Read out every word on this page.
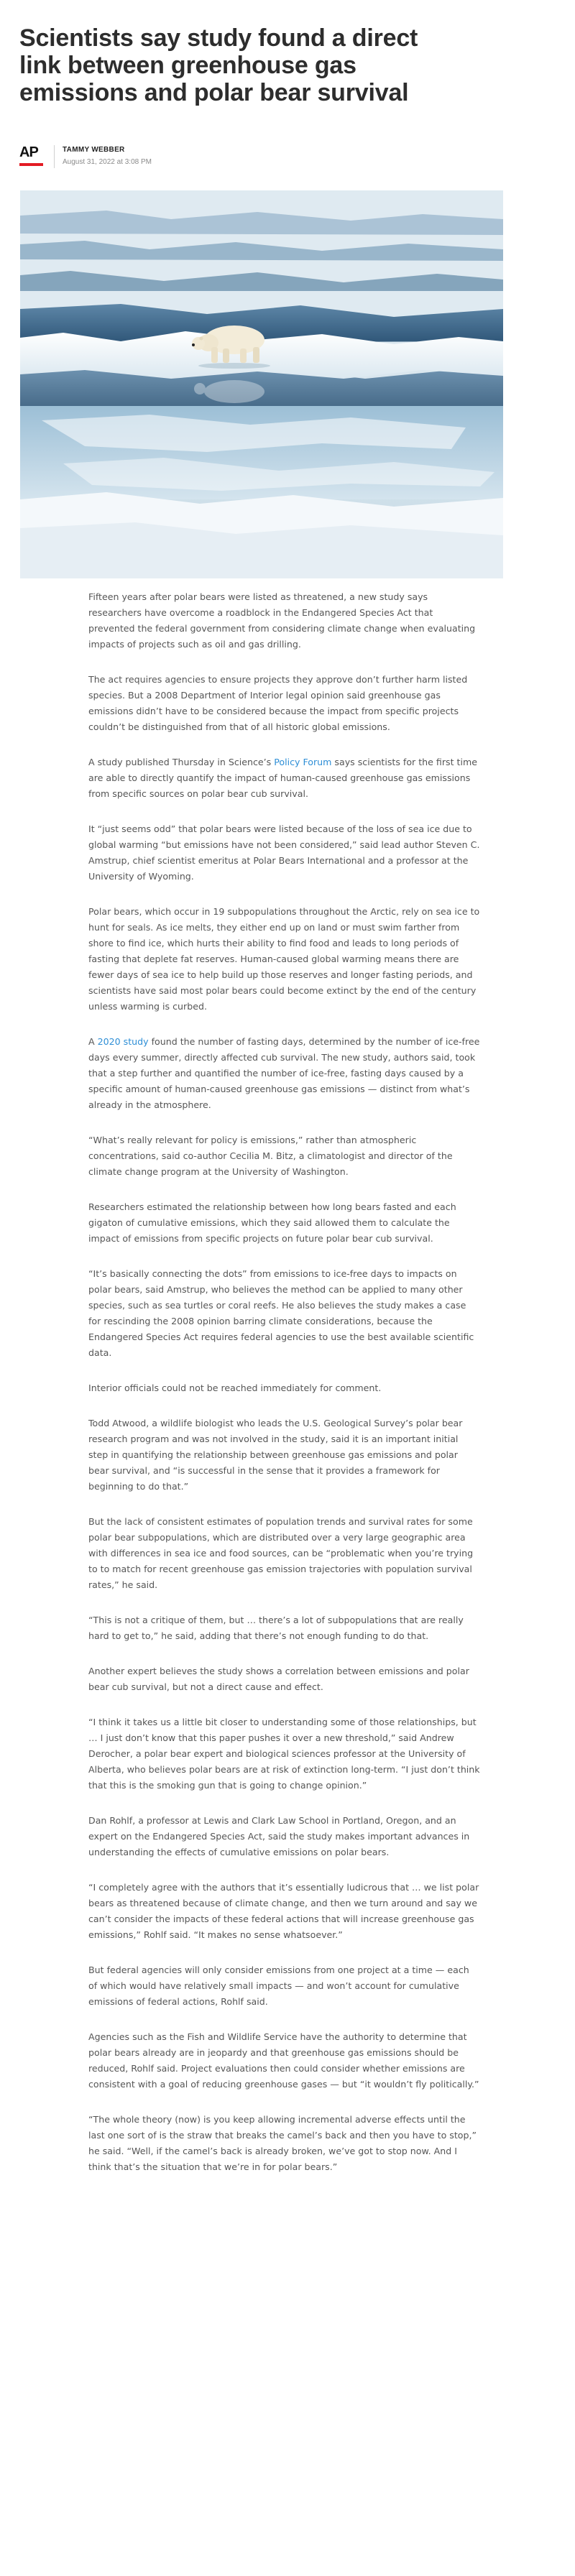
Scientists say study found a direct link between greenhouse gas emissions and polar bear survival
AP	TAMMY WEBBER
August 31, 2022 at 3:08 PM

Fifteen years after polar bears were listed as threatened, a new study says researchers have overcome a roadblock in the Endangered Species Act that prevented the federal government from considering climate change when evaluating impacts of projects such as oil and gas drilling.

The act requires agencies to ensure projects they approve don’t further harm listed species. But a 2008 Department of Interior legal opinion said greenhouse gas emissions didn’t have to be considered because the impact from specific projects couldn’t be distinguished from that of all historic global emissions.

A study published Thursday in Science’s Policy Forum says scientists for the first time are able to directly quantify the impact of human-caused greenhouse gas emissions from specific sources on polar bear cub survival.

It “just seems odd” that polar bears were listed because of the loss of sea ice due to global warming “but emissions have not been considered,” said lead author Steven C. Amstrup, chief scientist emeritus at Polar Bears International and a professor at the University of Wyoming.

Polar bears, which occur in 19 subpopulations throughout the Arctic, rely on sea ice to hunt for seals. As ice melts, they either end up on land or must swim farther from shore to find ice, which hurts their ability to find food and leads to long periods of fasting that deplete fat reserves. Human-caused global warming means there are fewer days of sea ice to help build up those reserves and longer fasting periods, and scientists have said most polar bears could become extinct by the end of the century unless warming is curbed.

A 2020 study found the number of fasting days, determined by the number of ice-free days every summer, directly affected cub survival. The new study, authors said, took that a step further and quantified the number of ice-free, fasting days caused by a specific amount of human-caused greenhouse gas emissions — distinct from what’s already in the atmosphere.

“What’s really relevant for policy is emissions,” rather than atmospheric concentrations, said co-author Cecilia M. Bitz, a climatologist and director of the climate change program at the University of Washington.

Researchers estimated the relationship between how long bears fasted and each gigaton of cumulative emissions, which they said allowed them to calculate the impact of emissions from specific projects on future polar bear cub survival.

“It’s basically connecting the dots” from emissions to ice-free days to impacts on polar bears, said Amstrup, who believes the method can be applied to many other species, such as sea turtles or coral reefs. He also believes the study makes a case for rescinding the 2008 opinion barring climate considerations, because the Endangered Species Act requires federal agencies to use the best available scientific data.

Interior officials could not be reached immediately for comment.

Todd Atwood, a wildlife biologist who leads the U.S. Geological Survey’s polar bear research program and was not involved in the study, said it is an important initial step in quantifying the relationship between greenhouse gas emissions and polar bear survival, and “is successful in the sense that it provides a framework for beginning to do that.”

But the lack of consistent estimates of population trends and survival rates for some polar bear subpopulations, which are distributed over a very large geographic area with differences in sea ice and food sources, can be “problematic when you’re trying to to match for recent greenhouse gas emission trajectories with population survival rates,” he said.

“This is not a critique of them, but … there’s a lot of subpopulations that are really hard to get to,” he said, adding that there’s not enough funding to do that.

Another expert believes the study shows a correlation between emissions and polar bear cub survival, but not a direct cause and effect.

“I think it takes us a little bit closer to understanding some of those relationships, but … I just don’t know that this paper pushes it over a new threshold,” said Andrew Derocher, a polar bear expert and biological sciences professor at the University of Alberta, who believes polar bears are at risk of extinction long-term. “I just don’t think that this is the smoking gun that is going to change opinion.”

Dan Rohlf, a professor at Lewis and Clark Law School in Portland, Oregon, and an expert on the Endangered Species Act, said the study makes important advances in understanding the effects of cumulative emissions on polar bears.

“I completely agree with the authors that it’s essentially ludicrous that … we list polar bears as threatened because of climate change, and then we turn around and say we can’t consider the impacts of these federal actions that will increase greenhouse gas emissions,” Rohlf said. “It makes no sense whatsoever.”

But federal agencies will only consider emissions from one project at a time — each of which would have relatively small impacts — and won’t account for cumulative emissions of federal actions, Rohlf said.

Agencies such as the Fish and Wildlife Service have the authority to determine that polar bears already are in jeopardy and that greenhouse gas emissions should be reduced, Rohlf said. Project evaluations then could consider whether emissions are consistent with a goal of reducing greenhouse gases — but “it wouldn’t fly politically.”

“The whole theory (now) is you keep allowing incremental adverse effects until the last one sort of is the straw that breaks the camel’s back and then you have to stop,” he said. “Well, if the camel’s back is already broken, we’ve got to stop now. And I think that’s the situation that we’re in for polar bears.”
